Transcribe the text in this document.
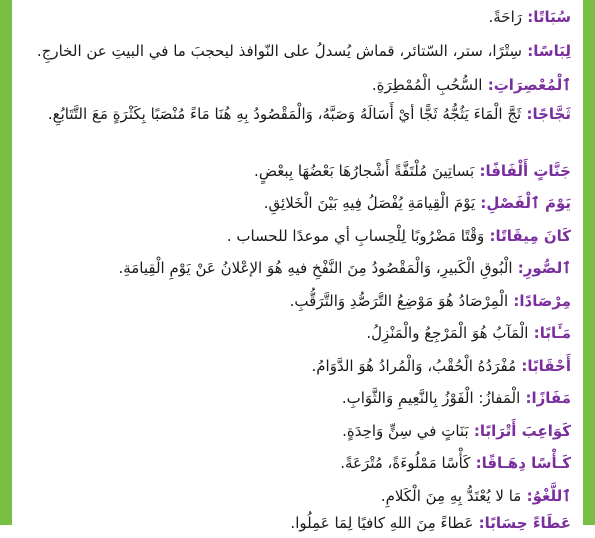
سُبَاتًا: رَاحَةً.
لِبَاسًا: سِتْرًا، ستر، السّتائر، قماش يُسدلُ على النّوافذ ليحجبَ ما في البيتِ عن الخارجِ.
ٱلْمُعْصِرَاتِ: السُّحُبِ الْمُمْطِرَةِ.
ثَجَّاجًا: ثَجَّ الْمَاءَ يَثُجُّهُ ثَجًّا أيْ أَسَالَهُ وَصَبَّهُ، وَالْمَقْصُودُ بِهِ هُنَا مَاءً مُنْصَبًا بِكَثْرَةٍ مَعَ التَّتَابُعِ.
جَنَّاتٍ أَلْفَافًا: بَساتِينَ مُلْتَفَّةً أَشْجارُهَا بَعْضُهَا بِبعْضٍ.
يَوْمَ ٱلْفَصْلِ: يَوْمَ الْقِيامَةِ يُفْصَلُ فِيهِ بَيْنَ الْخَلائِقِ.
كَانَ مِيقَاتًا: وَقْتًا مَضْرُوبًا لِلْحِسابِ أي موعدًا للحساب .
ٱلصُّورِ: الْبُوقِ الْكَبيرِ، وَالْمَقْصُودُ مِنَ النَّفْخِ فيهِ هُوَ الإعْلانُ عَنْ يَوْمِ الْقِيامَةِ.
مِرْصَادًا: الْمِرْصَادُ هُوَ مَوْضِعُ التَّرَصُّدِ وَالتَّرَقُّبِ.
مَـَٔابًا: الْمَآبُ هُوَ الْمَرْجِعُ والْمَنْزِلُ.
أَحْقَابًا: مُفْرَدُهُ الْحُقْبُ، وَالْمُرادُ هُوَ الدَّوَامُ.
مَفَازًا: الْمَفازُ: الْفَوْزُ بِالنَّعِيمِ وَالثَّوَابِ.
كَوَاعِبَ أَتْرَابًا: بَنَاتٍ في سِنٍّ وَاحِدَةٍ.
كَـأْسًا دِهَـاقًا: كَأْسًا مَمْلُوءَةً، مُتْرَعَةً.
ٱللَّغْوُ: مَا لا يُعْتَدُّ بِهِ مِنَ الْكَلامِ.
عَطَاءً حِسَابًا: عَطاءً مِنَ اللهِ كافيًا لِمَا عَمِلُوا.
